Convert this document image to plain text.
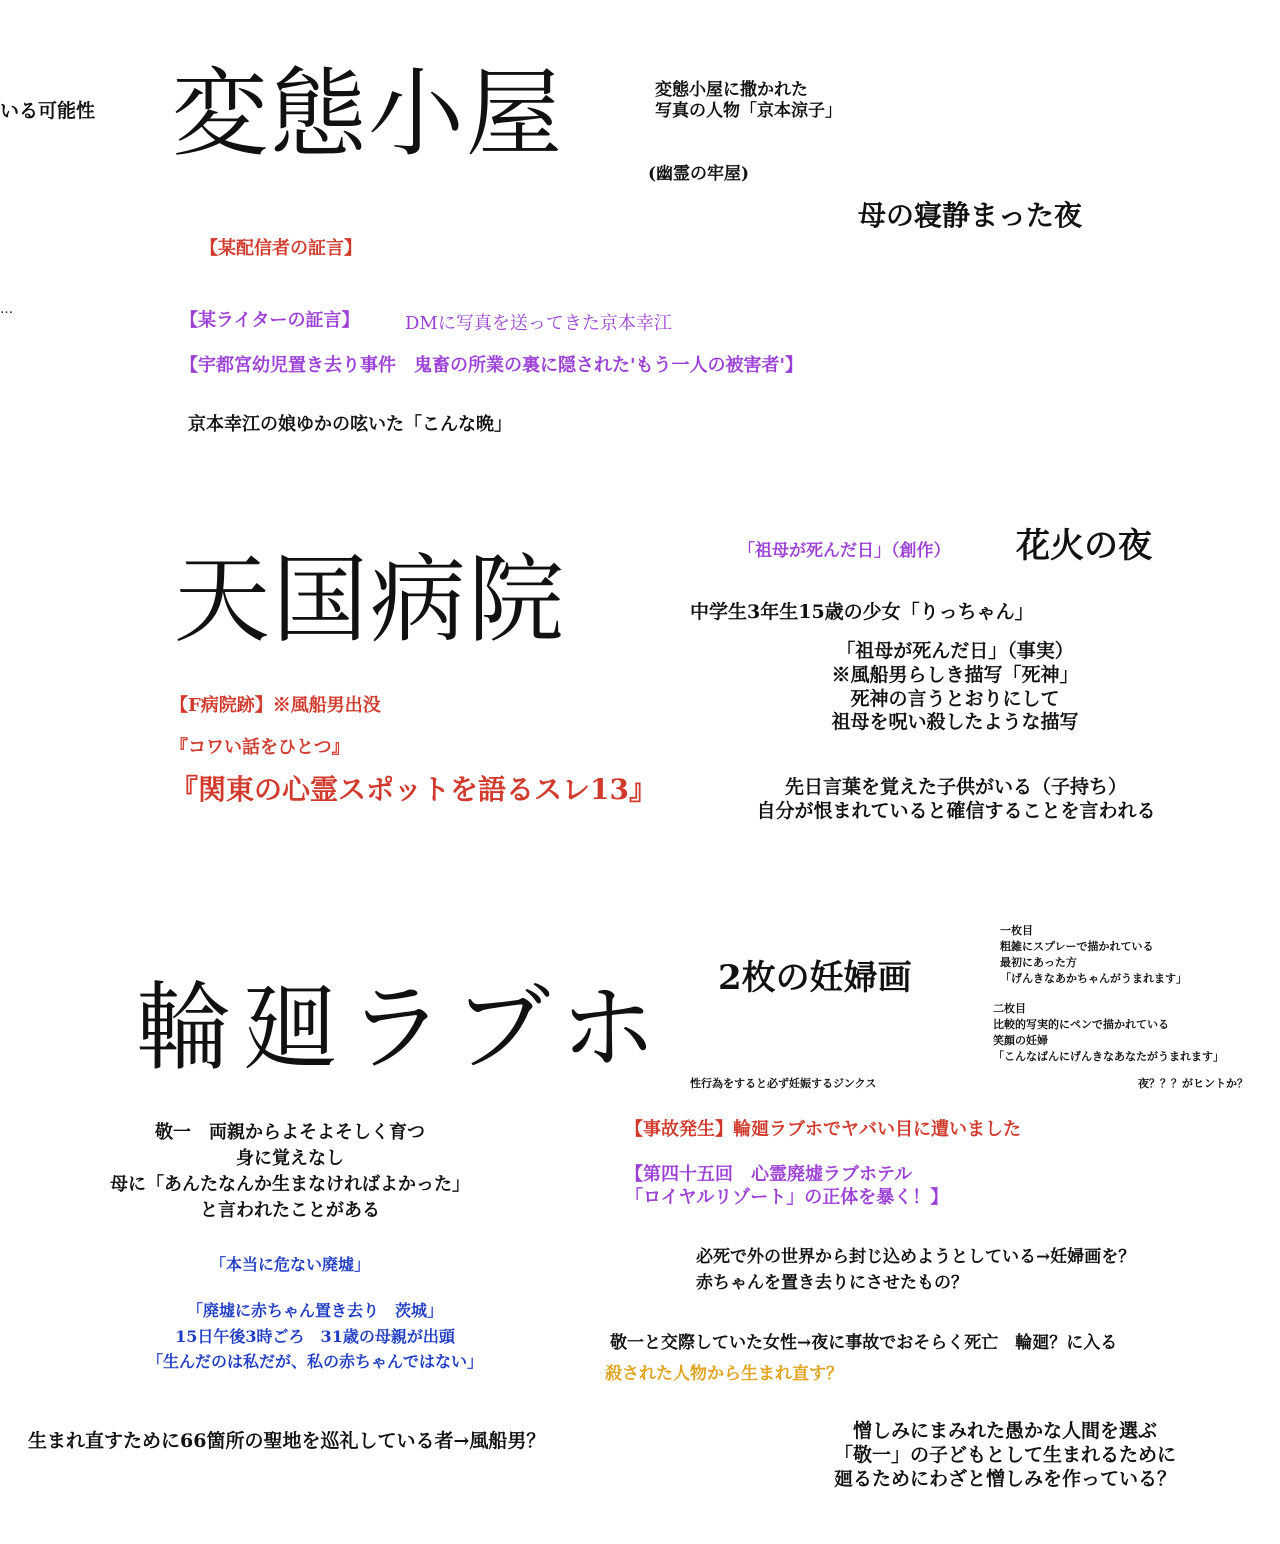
いる可能性 変態小屋	変態小屋に撒かれた
写真の人物「京本涼子」
(幽霊の牢屋)
母の寝静まった夜
【某配信者の証言】
…
【某ライターの証言】	DMに写真を送ってきた京本幸江
【宇都宮幼児置き去り事件　鬼畜の所業の裏に隠された'もう一人の被害者'】
京本幸江の娘ゆかの呟いた「こんな晩」
天国病院	「祖母が死んだ日」（創作） 花火の夜
中学生3年生15歳の少女「りっちゃん」
「祖母が死んだ日」（事実）
※風船男らしき描写「死神」
死神の言うとおりにして
祖母を呪い殺したような描写
【F病院跡】※風船男出没
『コワい話をひとつ』
『関東の心霊スポットを語るスレ13』	先日言葉を覚えた子供がいる（子持ち）
自分が恨まれていると確信することを言われる
輪廻ラブホ 2枚の妊婦画
一枚目
粗雑にスプレーで描かれている
最初にあった方
「げんきなあかちゃんがうまれます」
二枚目
比較的写実的にペンで描かれている
笑顔の妊婦
「こんなばんにげんきなあなたがうまれます」
性行為をすると必ず妊娠するジンクス	夜？？？がヒントか？
敬一　両親からよそよそしく育つ
身に覚えなし
母に「あんたなんか生まなければよかった」
と言われたことがある
【事故発生】輪廻ラブホでヤバい目に遭いました
【第四十五回　心霊廃墟ラブホテル
「ロイヤルリゾート」の正体を暴く！】
「本当に危ない廃墟」
「廃墟に赤ちゃん置き去り　茨城」
15日午後3時ごろ　31歳の母親が出頭
「生んだのは私だが、私の赤ちゃんではない」
必死で外の世界から封じ込めようとしている→妊婦画を？
赤ちゃんを置き去りにさせたもの？
敬一と交際していた女性→夜に事故でおそらく死亡　輪廻？に入る
殺された人物から生まれ直す？
生まれ直すために66箇所の聖地を巡礼している者→風船男？	憎しみにまみれた愚かな人間を選ぶ
「敬一」の子どもとして生まれるために
廻るためにわざと憎しみを作っている？
